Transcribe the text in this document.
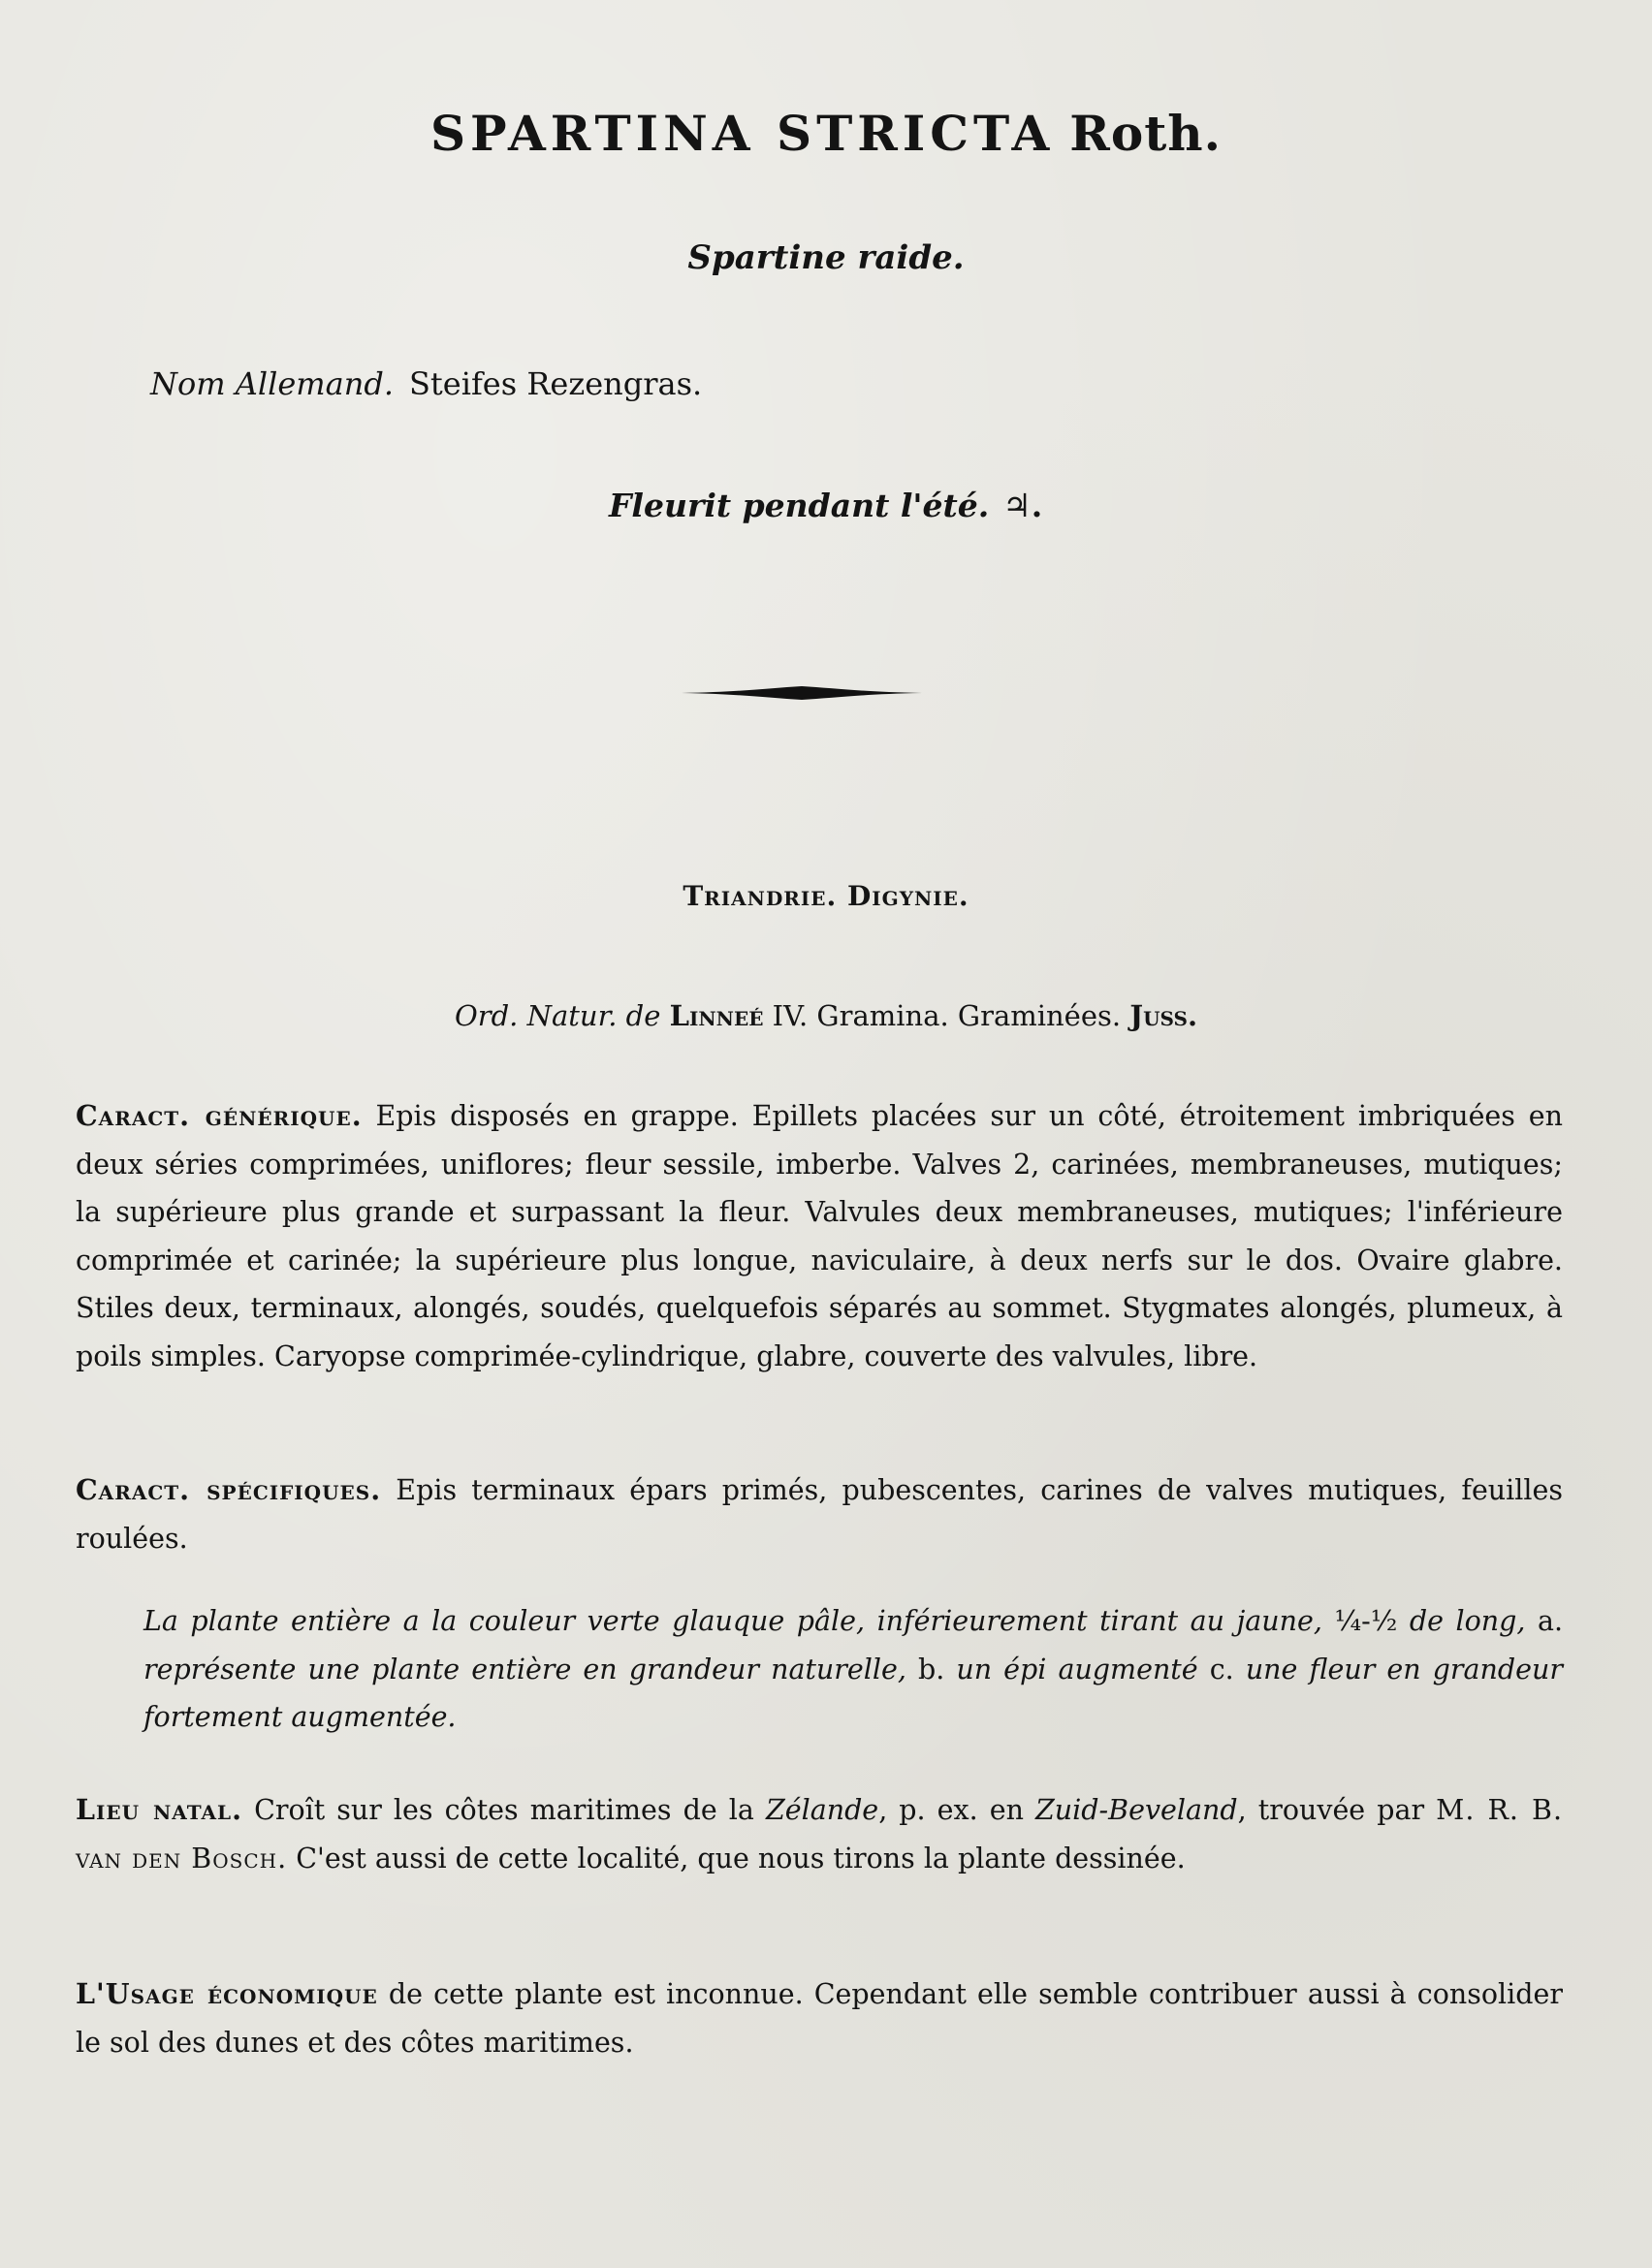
SPARTINA STRICTA Roth.
Spartine raide.
Nom Allemand. Steifes Rezengras.
Fleurit pendant l'été. ♃.
Triandrie. Digynie.
Ord. Natur. de Linneé IV. Gramina. Graminées. Juss.
Caract. générique. Epis disposés en grappe. Epillets placées sur un côté, étroitement imbriquées en deux séries comprimées, uniflores; fleur sessile, imberbe. Valves 2, carinées, membraneuses, mutiques; la supérieure plus grande et surpassant la fleur. Valvules deux membraneuses, mutiques; l'inférieure comprimée et carinée; la supérieure plus longue, naviculaire, à deux nerfs sur le dos. Ovaire glabre. Stiles deux, terminaux, alongés, soudés, quelquefois séparés au sommet. Stygmates alongés, plumeux, à poils simples. Caryopse comprimée-cylindrique, glabre, couverte des valvules, libre.
Caract. spécifiques. Epis terminaux épars primés, pubescentes, carines de valves mutiques, feuilles roulées.
La plante entière a la couleur verte glauque pâle, inférieurement tirant au jaune, ¼-½ de long, a. représente une plante entière en grandeur naturelle, b. un épi augmenté c. une fleur en grandeur fortement augmentée.
Lieu natal. Croît sur les côtes maritimes de la Zélande, p. ex. en Zuid-Beveland, trouvée par M. R. B. van den Bosch. C'est aussi de cette localité, que nous tirons la plante dessinée.
L'Usage économique de cette plante est inconnue. Cependant elle semble contribuer aussi à consolider le sol des dunes et des côtes maritimes.
